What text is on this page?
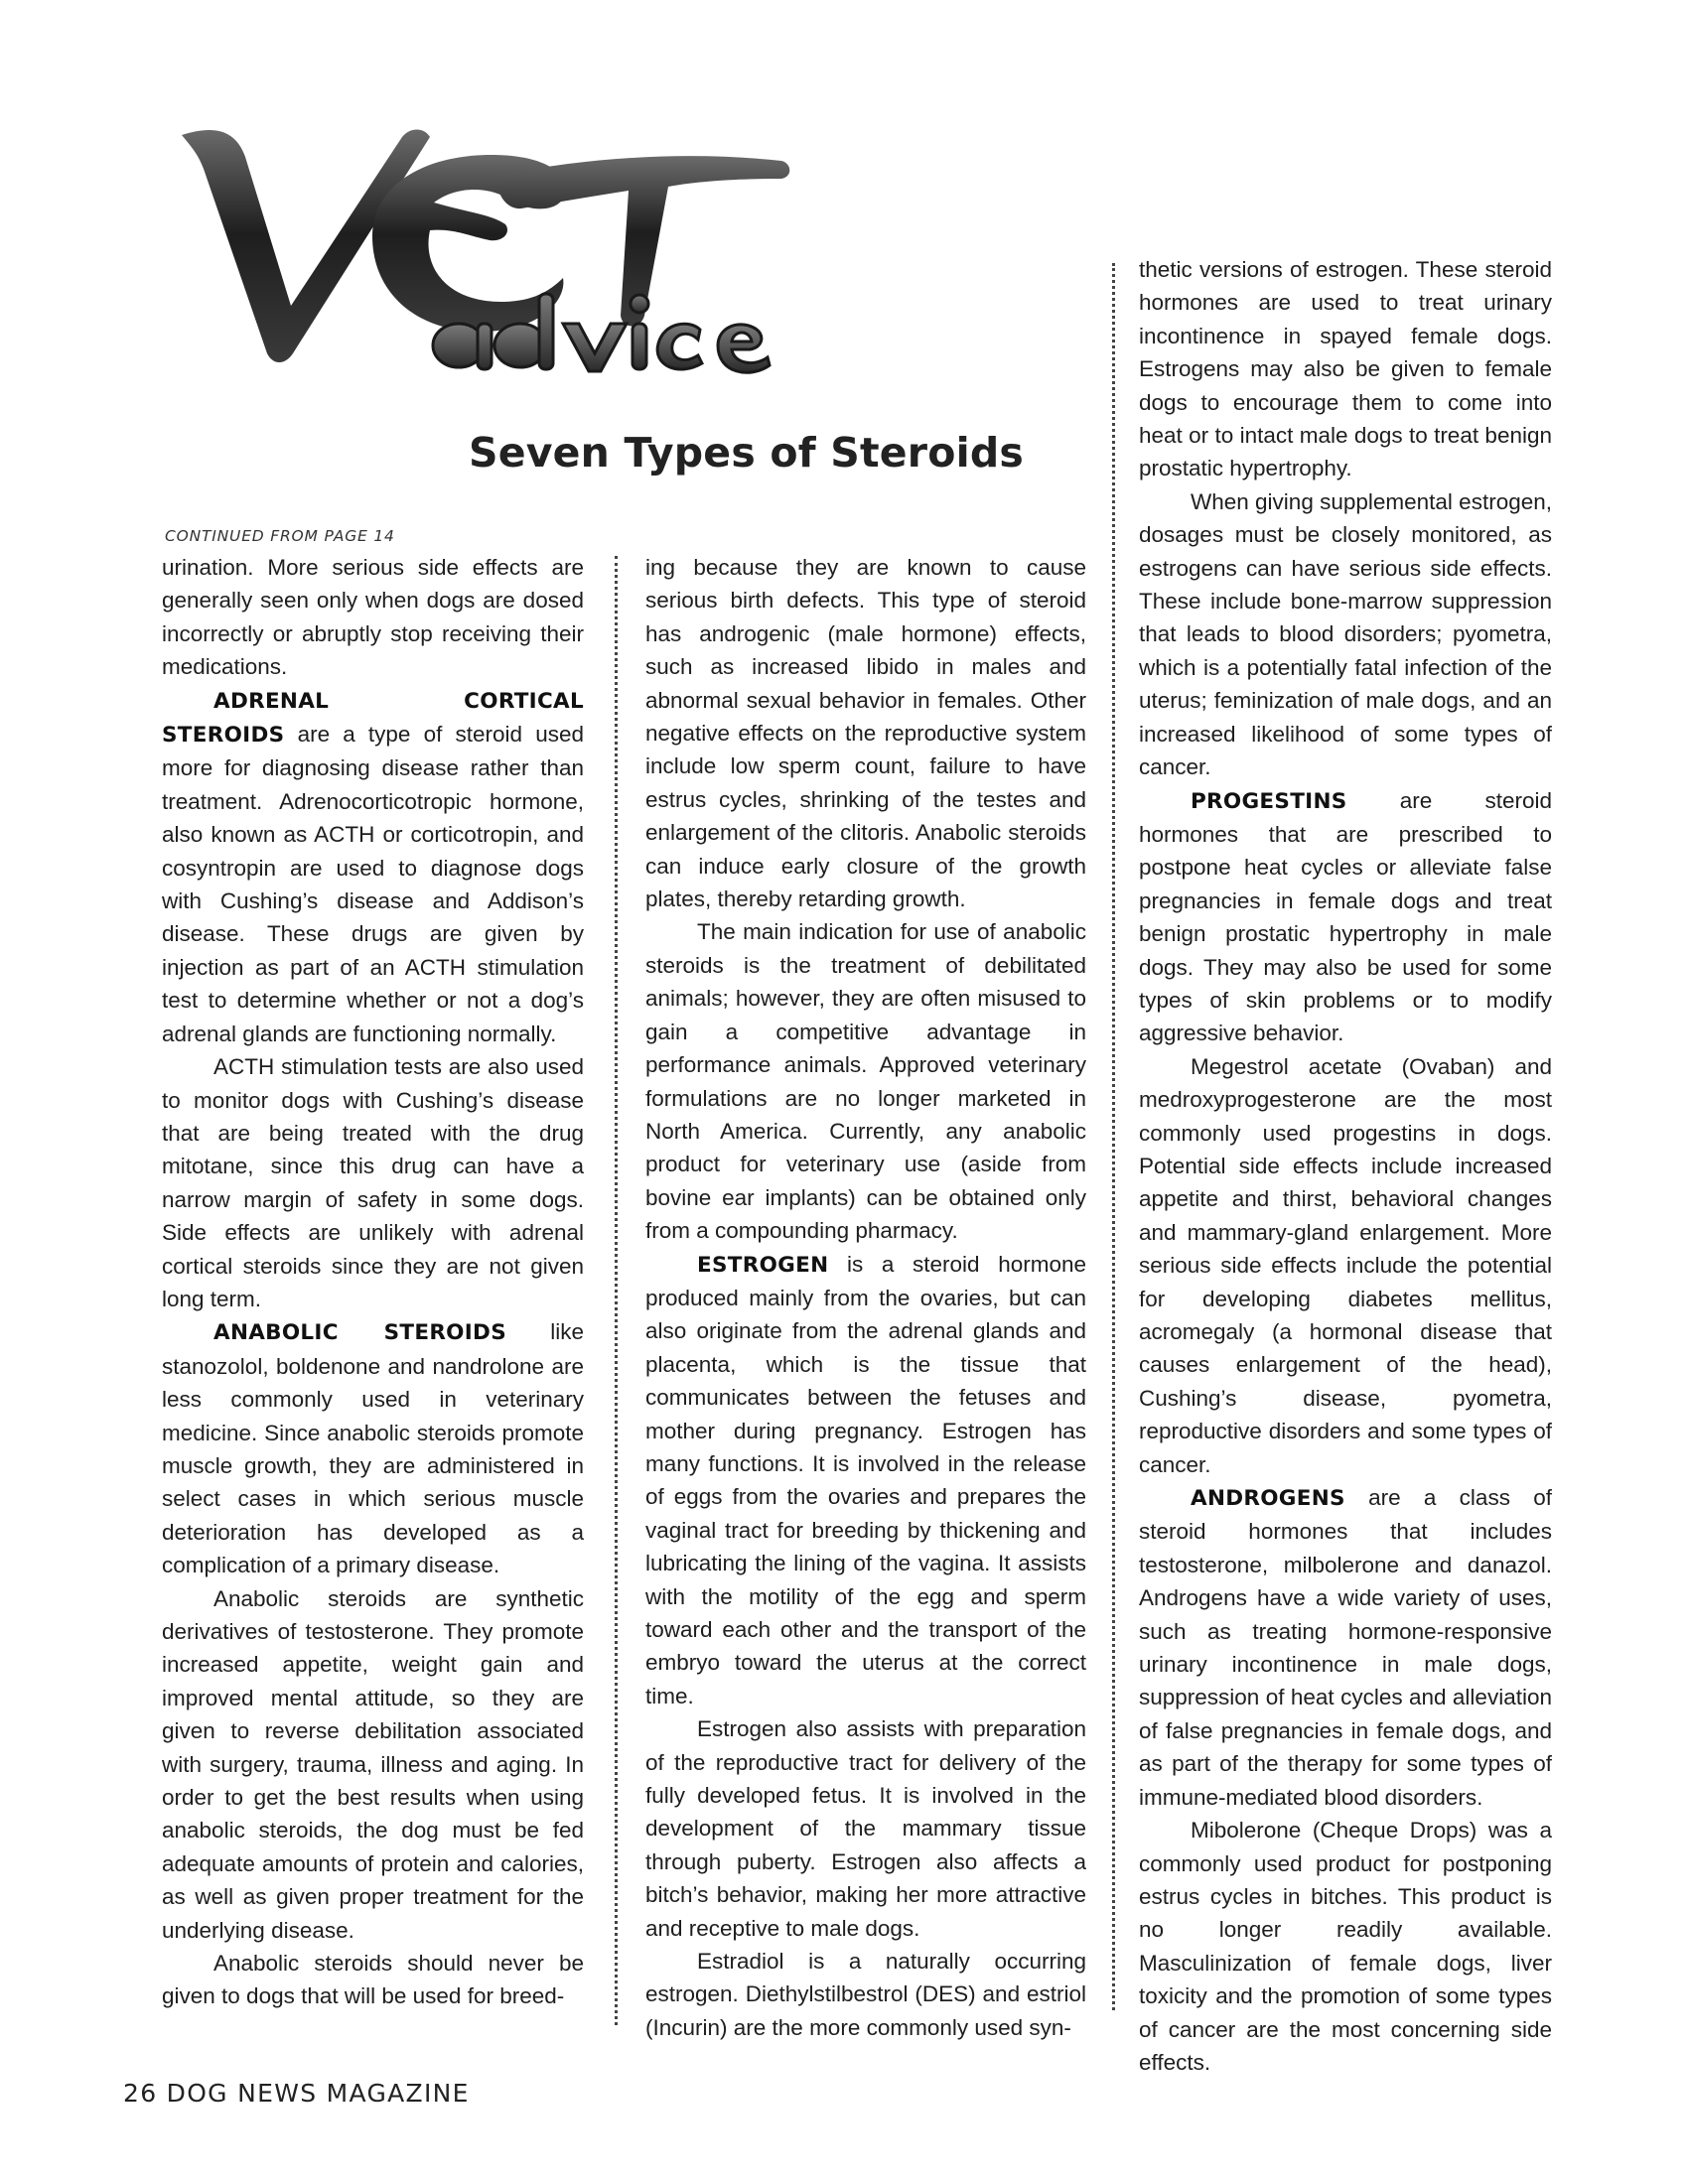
Seven Types of Steroids
CONTINUED FROM PAGE 14

urination. More serious side effects are generally seen only when dogs are dosed incorrectly or abruptly stop receiving their medications.

ADRENAL CORTICAL STEROIDS are a type of steroid used more for diagnosing disease rather than treatment. Adrenocorticotropic hormone, also known as ACTH or corticotropin, and cosyntropin are used to diagnose dogs with Cushing’s disease and Addison’s disease. These drugs are given by injection as part of an ACTH stimulation test to determine whether or not a dog’s adrenal glands are functioning normally.

ACTH stimulation tests are also used to monitor dogs with Cushing’s disease that are being treated with the drug mitotane, since this drug can have a narrow margin of safety in some dogs. Side effects are unlikely with adrenal cortical steroids since they are not given long term.

ANABOLIC STEROIDS like stanozolol, boldenone and nandrolone are less commonly used in veterinary medicine. Since anabolic steroids promote muscle growth, they are administered in select cases in which serious muscle deterioration has developed as a complication of a primary disease.

Anabolic steroids are synthetic derivatives of testosterone. They promote increased appetite, weight gain and improved mental attitude, so they are given to reverse debilitation associated with surgery, trauma, illness and aging. In order to get the best results when using anabolic steroids, the dog must be fed adequate amounts of protein and calories, as well as given proper treatment for the underlying disease.

Anabolic steroids should never be given to dogs that will be used for breed-

ing because they are known to cause serious birth defects. This type of steroid has androgenic (male hormone) effects, such as increased libido in males and abnormal sexual behavior in females. Other negative effects on the reproductive system include low sperm count, failure to have estrus cycles, shrinking of the testes and enlargement of the clitoris. Anabolic steroids can induce early closure of the growth plates, thereby retarding growth.

The main indication for use of anabolic steroids is the treatment of debilitated animals; however, they are often misused to gain a competitive advantage in performance animals. Approved veterinary formulations are no longer marketed in North America. Currently, any anabolic product for veterinary use (aside from bovine ear implants) can be obtained only from a compounding pharmacy.

ESTROGEN is a steroid hormone produced mainly from the ovaries, but can also originate from the adrenal glands and placenta, which is the tissue that communicates between the fetuses and mother during pregnancy. Estrogen has many functions. It is involved in the release of eggs from the ovaries and prepares the vaginal tract for breeding by thickening and lubricating the lining of the vagina. It assists with the motility of the egg and sperm toward each other and the transport of the embryo toward the uterus at the correct time.

Estrogen also assists with preparation of the reproductive tract for delivery of the fully developed fetus. It is involved in the development of the mammary tissue through puberty. Estrogen also affects a bitch’s behavior, making her more attractive and receptive to male dogs.

Estradiol is a naturally occurring estrogen. Diethylstilbestrol (DES) and estriol (Incurin) are the more commonly used syn-

thetic versions of estrogen. These steroid hormones are used to treat urinary incontinence in spayed female dogs. Estrogens may also be given to female dogs to encourage them to come into heat or to intact male dogs to treat benign prostatic hypertrophy.

When giving supplemental estrogen, dosages must be closely monitored, as estrogens can have serious side effects. These include bone-marrow suppression that leads to blood disorders; pyometra, which is a potentially fatal infection of the uterus; feminization of male dogs, and an increased likelihood of some types of cancer.

PROGESTINS are steroid hormones that are prescribed to postpone heat cycles or alleviate false pregnancies in female dogs and treat benign prostatic hypertrophy in male dogs. They may also be used for some types of skin problems or to modify aggressive behavior.

Megestrol acetate (Ovaban) and medroxyprogesterone are the most commonly used progestins in dogs. Potential side effects include increased appetite and thirst, behavioral changes and mammary-gland enlargement. More serious side effects include the potential for developing diabetes mellitus, acromegaly (a hormonal disease that causes enlargement of the head), Cushing’s disease, pyometra, reproductive disorders and some types of cancer.

ANDROGENS are a class of steroid hormones that includes testosterone, milbolerone and danazol. Androgens have a wide variety of uses, such as treating hormone-responsive urinary incontinence in male dogs, suppression of heat cycles and alleviation of false pregnancies in female dogs, and as part of the therapy for some types of immune-mediated blood disorders.

Mibolerone (Cheque Drops) was a commonly used product for postponing estrus cycles in bitches. This product is no longer readily available. Masculinization of female dogs, liver toxicity and the promotion of some types of cancer are the most concerning side effects.

26 DOG NEWS MAGAZINE
